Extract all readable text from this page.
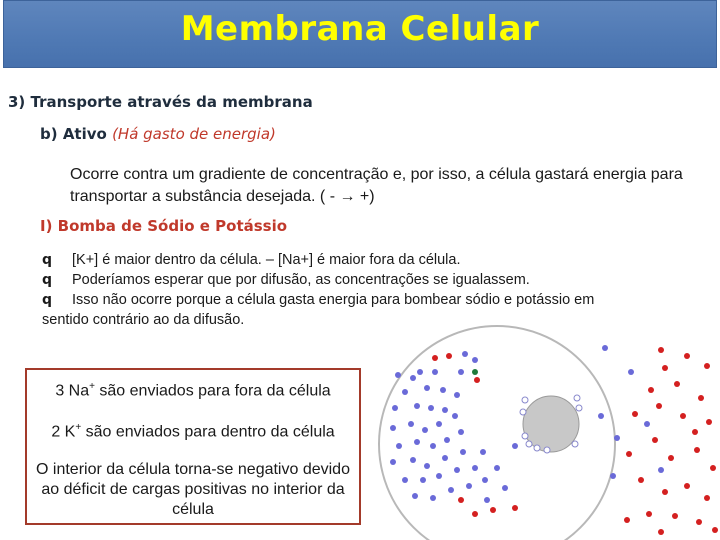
Membrana Celular

3) Transporte através da membrana

b) Ativo (Há gasto de energia)

Ocorre contra um gradiente de concentração e, por isso, a célula gastará energia para transportar a substância desejada. ( - → +)

I) Bomba de Sódio e Potássio

q	[K+] é maior dentro da célula. – [Na+] é maior fora da célula.
q	Poderíamos esperar que por difusão, as concentrações se igualassem.
q	Isso não ocorre porque a célula gasta energia para bombear sódio e potássio em
sentido contrário ao da difusão.

3 Na+ são enviados para fora da célula

2 K+ são enviados para dentro da célula

O interior da célula torna-se negativo devido ao déficit de cargas positivas no interior da célula
